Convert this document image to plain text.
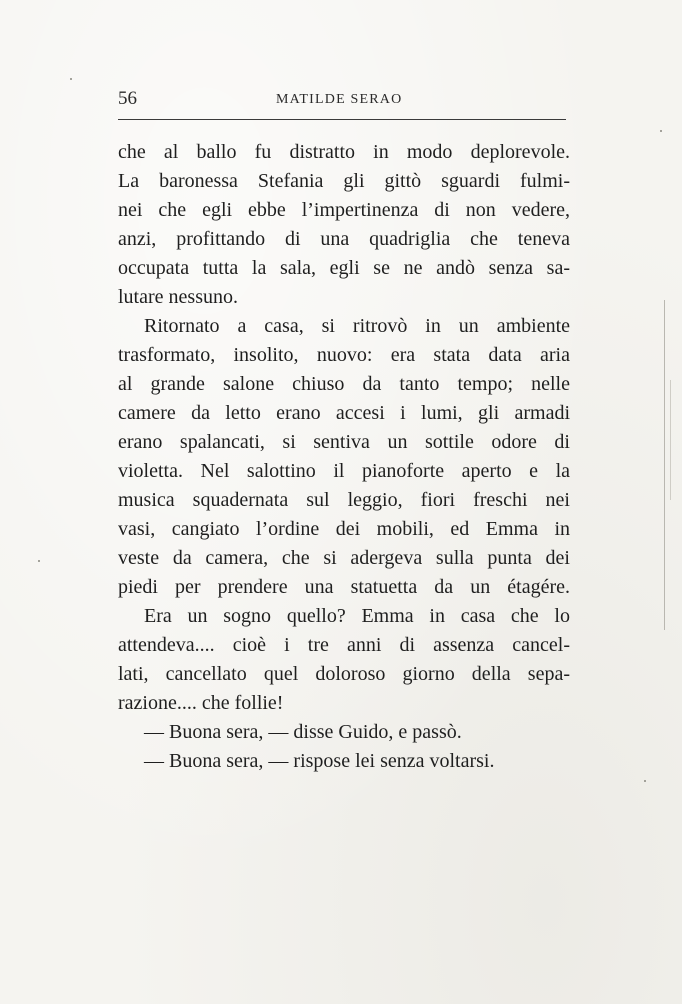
56	MATILDE SERAO
che al ballo fu distratto in modo deplorevole.
La baronessa Stefania gli gittò sguardi fulmi-
nei che egli ebbe l’impertinenza di non vedere,
anzi, profittando di una quadriglia che teneva
occupata tutta la sala, egli se ne andò senza sa-
lutare nessuno.
Ritornato a casa, si ritrovò in un ambiente
trasformato, insolito, nuovo: era stata data aria
al grande salone chiuso da tanto tempo; nelle
camere da letto erano accesi i lumi, gli armadi
erano spalancati, si sentiva un sottile odore di
violetta. Nel salottino il pianoforte aperto e la
musica squadernata sul leggio, fiori freschi nei
vasi, cangiato l’ordine dei mobili, ed Emma in
veste da camera, che si adergeva sulla punta dei
piedi per prendere una statuetta da un étagére.
Era un sogno quello? Emma in casa che lo
attendeva.... cioè i tre anni di assenza cancel-
lati, cancellato quel doloroso giorno della sepa-
razione.... che follie!
— Buona sera, — disse Guido, e passò.
— Buona sera, — rispose lei senza voltarsi.
